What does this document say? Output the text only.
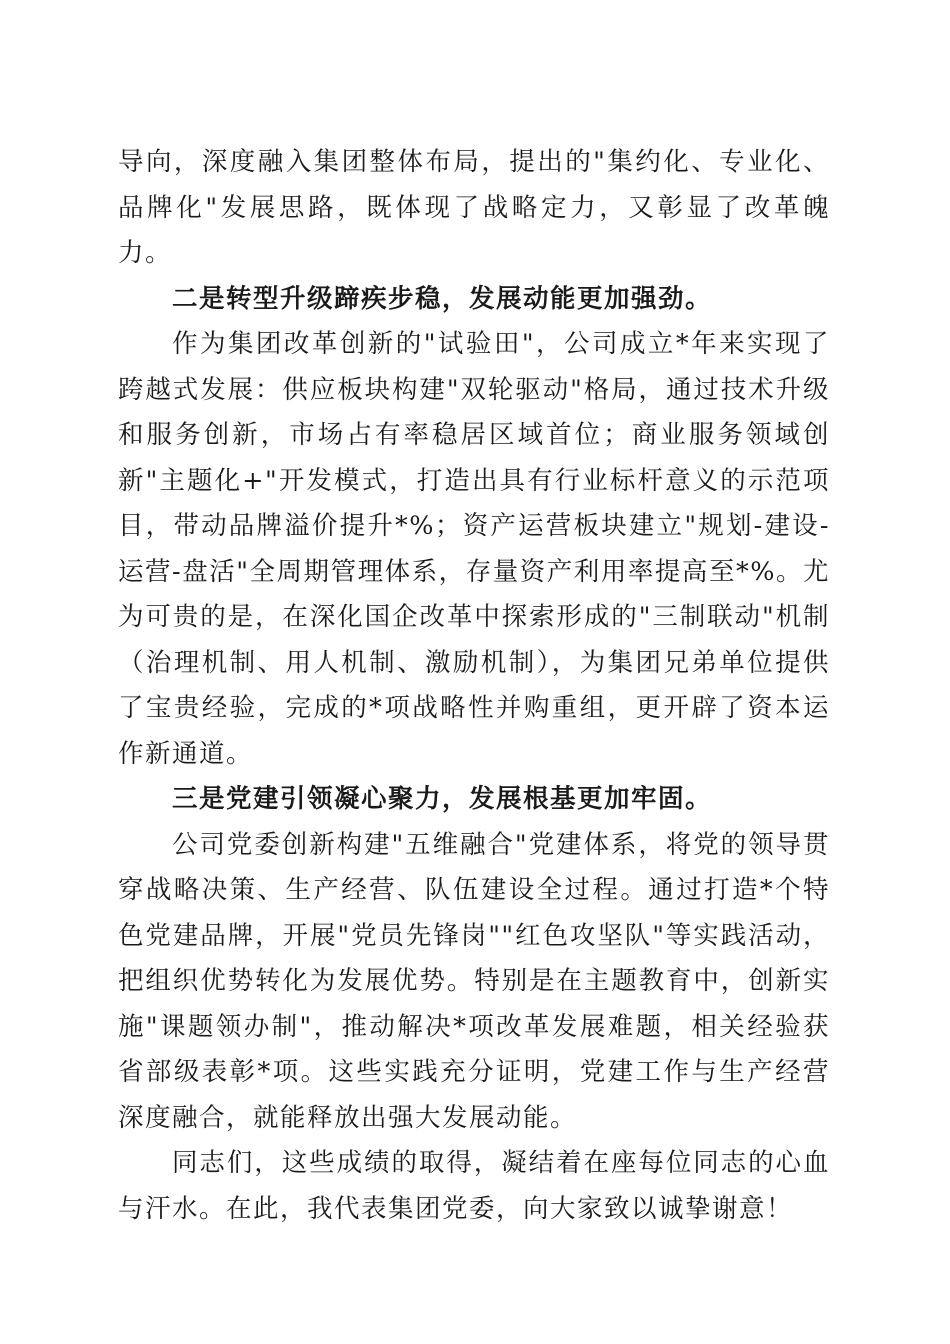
导向，深度融入集团整体布局，提出的"集约化、专业化、品牌化"发展思路，既体现了战略定力，又彰显了改革魄力。

二是转型升级蹄疾步稳，发展动能更加强劲。

作为集团改革创新的"试验田"，公司成立*年来实现了跨越式发展：供应板块构建"双轮驱动"格局，通过技术升级和服务创新，市场占有率稳居区域首位；商业服务领域创新"主题化+"开发模式，打造出具有行业标杆意义的示范项目，带动品牌溢价提升*%；资产运营板块建立"规划-建设-运营-盘活"全周期管理体系，存量资产利用率提高至*%。尤为可贵的是，在深化国企改革中探索形成的"三制联动"机制（治理机制、用人机制、激励机制），为集团兄弟单位提供了宝贵经验，完成的*项战略性并购重组，更开辟了资本运作新通道。

三是党建引领凝心聚力，发展根基更加牢固。

公司党委创新构建"五维融合"党建体系，将党的领导贯穿战略决策、生产经营、队伍建设全过程。通过打造*个特色党建品牌，开展"党员先锋岗""红色攻坚队"等实践活动，把组织优势转化为发展优势。特别是在主题教育中，创新实施"课题领办制"，推动解决*项改革发展难题，相关经验获省部级表彰*项。这些实践充分证明，党建工作与生产经营深度融合，就能释放出强大发展动能。

同志们，这些成绩的取得，凝结着在座每位同志的心血与汗水。在此，我代表集团党委，向大家致以诚挚谢意！
